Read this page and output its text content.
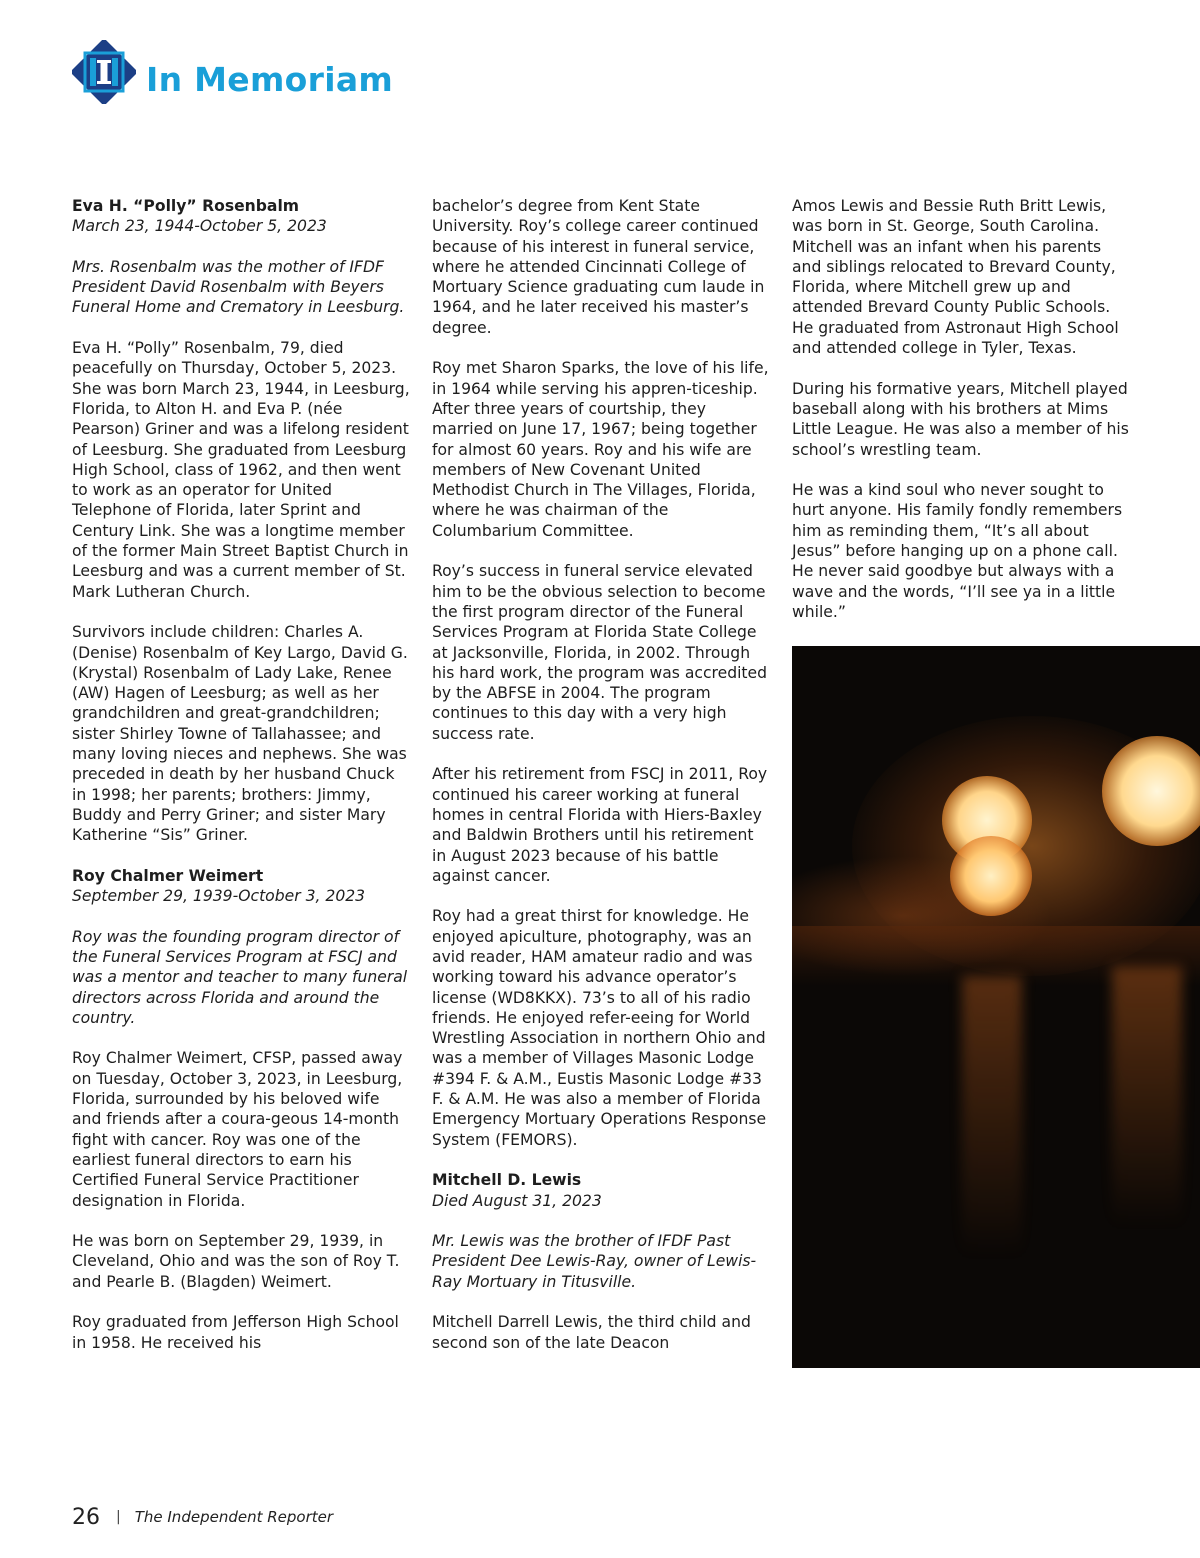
In Memoriam

Eva H. “Polly” Rosenbalm

March 23, 1944-October 5, 2023

Mrs. Rosenbalm was the mother of IFDF President David Rosenbalm with Beyers Funeral Home and Crematory in Leesburg.

Eva H. “Polly” Rosenbalm, 79, died peacefully on Thursday, October 5, 2023. She was born March 23, 1944, in Leesburg, Florida, to Alton H. and Eva P. (née Pearson) Griner and was a lifelong resident of Leesburg. She graduated from Leesburg High School, class of 1962, and then went to work as an operator for United Telephone of Florida, later Sprint and Century Link. She was a longtime member of the former Main Street Baptist Church in Leesburg and was a current member of St. Mark Lutheran Church.

Survivors include children: Charles A. (Denise) Rosenbalm of Key Largo, David G. (Krystal) Rosenbalm of Lady Lake, Renee (AW) Hagen of Leesburg; as well as her grandchildren and great-grandchildren; sister Shirley Towne of Tallahassee; and many loving nieces and nephews. She was preceded in death by her husband Chuck in 1998; her parents; brothers: Jimmy, Buddy and Perry Griner; and sister Mary Katherine “Sis” Griner.

Roy Chalmer Weimert

September 29, 1939-October 3, 2023

Roy was the founding program director of the Funeral Services Program at FSCJ and was a mentor and teacher to many funeral directors across Florida and around the country.

Roy Chalmer Weimert, CFSP, passed away on Tuesday, October 3, 2023, in Leesburg, Florida, surrounded by his beloved wife and friends after a coura-geous 14-month fight with cancer. Roy was one of the earliest funeral directors to earn his Certified Funeral Service Practitioner designation in Florida.

He was born on September 29, 1939, in Cleveland, Ohio and was the son of Roy T. and Pearle B. (Blagden) Weimert.

Roy graduated from Jefferson High School in 1958. He received his

bachelor’s degree from Kent State University. Roy’s college career continued because of his interest in funeral service, where he attended Cincinnati College of Mortuary Science graduating cum laude in 1964, and he later received his master’s degree.

Roy met Sharon Sparks, the love of his life, in 1964 while serving his appren-ticeship. After three years of courtship, they married on June 17, 1967; being together for almost 60 years. Roy and his wife are members of New Covenant United Methodist Church in The Villages, Florida, where he was chairman of the Columbarium Committee.

Roy’s success in funeral service elevated him to be the obvious selection to become the first program director of the Funeral Services Program at Florida State College at Jacksonville, Florida, in 2002. Through his hard work, the program was accredited by the ABFSE in 2004. The program continues to this day with a very high success rate.

After his retirement from FSCJ in 2011, Roy continued his career working at funeral homes in central Florida with Hiers-Baxley and Baldwin Brothers until his retirement in August 2023 because of his battle against cancer.

Roy had a great thirst for knowledge. He enjoyed apiculture, photography, was an avid reader, HAM amateur radio and was working toward his advance operator’s license (WD8KKX). 73’s to all of his radio friends. He enjoyed refer-eeing for World Wrestling Association in northern Ohio and was a member of Villages Masonic Lodge #394 F. & A.M., Eustis Masonic Lodge #33 F. & A.M. He was also a member of Florida Emergency Mortuary Operations Response System (FEMORS).

Mitchell D. Lewis

Died August 31, 2023

Mr. Lewis was the brother of IFDF Past President Dee Lewis-Ray, owner of Lewis-Ray Mortuary in Titusville.

Mitchell Darrell Lewis, the third child and second son of the late Deacon

Amos Lewis and Bessie Ruth Britt Lewis, was born in St. George, South Carolina. Mitchell was an infant when his parents and siblings relocated to Brevard County, Florida, where Mitchell grew up and attended Brevard County Public Schools. He graduated from Astronaut High School and attended college in Tyler, Texas.

During his formative years, Mitchell played baseball along with his brothers at Mims Little League. He was also a member of his school’s wrestling team.

He was a kind soul who never sought to hurt anyone. His family fondly remembers him as reminding them, “It’s all about Jesus” before hanging up on a phone call. He never said goodbye but always with a wave and the words, “I’ll see ya in a little while.”

26 | The Independent Reporter
